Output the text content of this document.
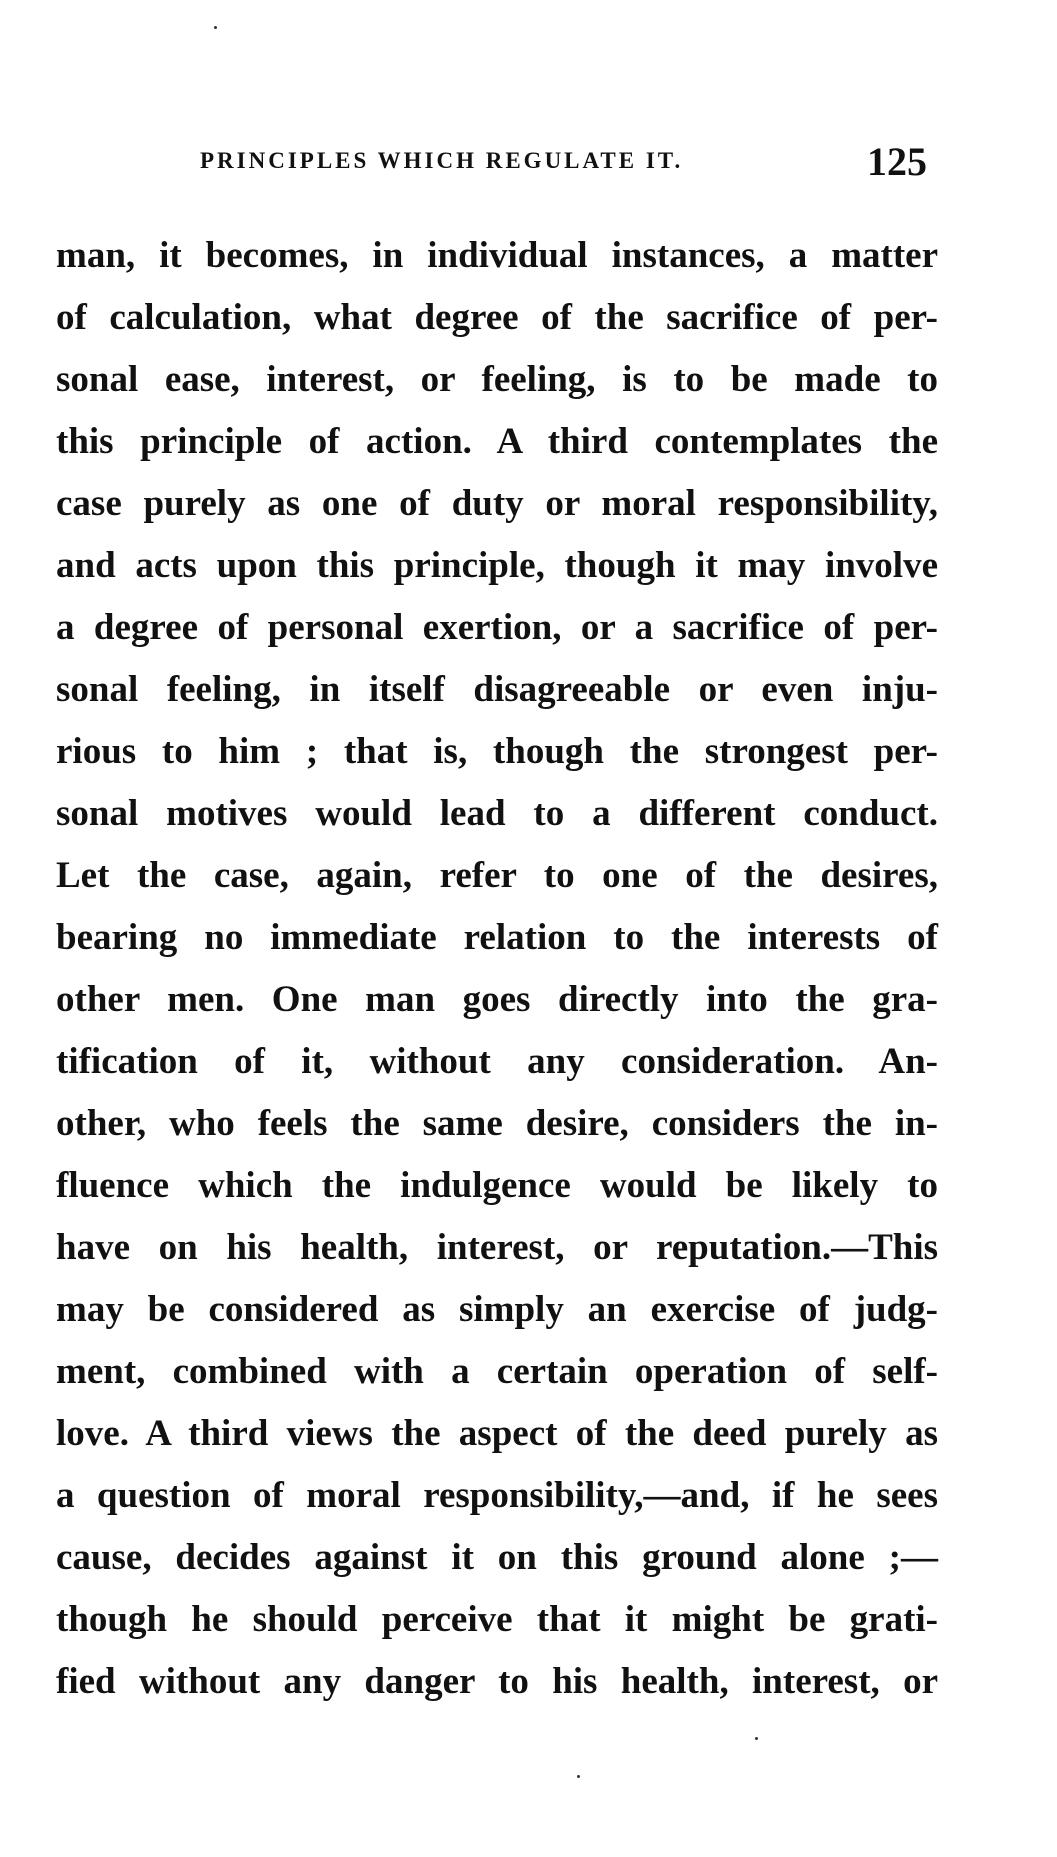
PRINCIPLES WHICH REGULATE IT.	125
man, it becomes, in individual instances, a matter
of calculation, what degree of the sacrifice of per-
sonal ease, interest, or feeling, is to be made to
this principle of action. A third contemplates the
case purely as one of duty or moral responsibility,
and acts upon this principle, though it may involve
a degree of personal exertion, or a sacrifice of per-
sonal feeling, in itself disagreeable or even inju-
rious to him ; that is, though the strongest per-
sonal motives would lead to a different conduct.
Let the case, again, refer to one of the desires,
bearing no immediate relation to the interests of
other men. One man goes directly into the gra-
tification of it, without any consideration. An-
other, who feels the same desire, considers the in-
fluence which the indulgence would be likely to
have on his health, interest, or reputation.—This
may be considered as simply an exercise of judg-
ment, combined with a certain operation of self-
love. A third views the aspect of the deed purely as
a question of moral responsibility,—and, if he sees
cause, decides against it on this ground alone ;—
though he should perceive that it might be grati-
fied without any danger to his health, interest, or
